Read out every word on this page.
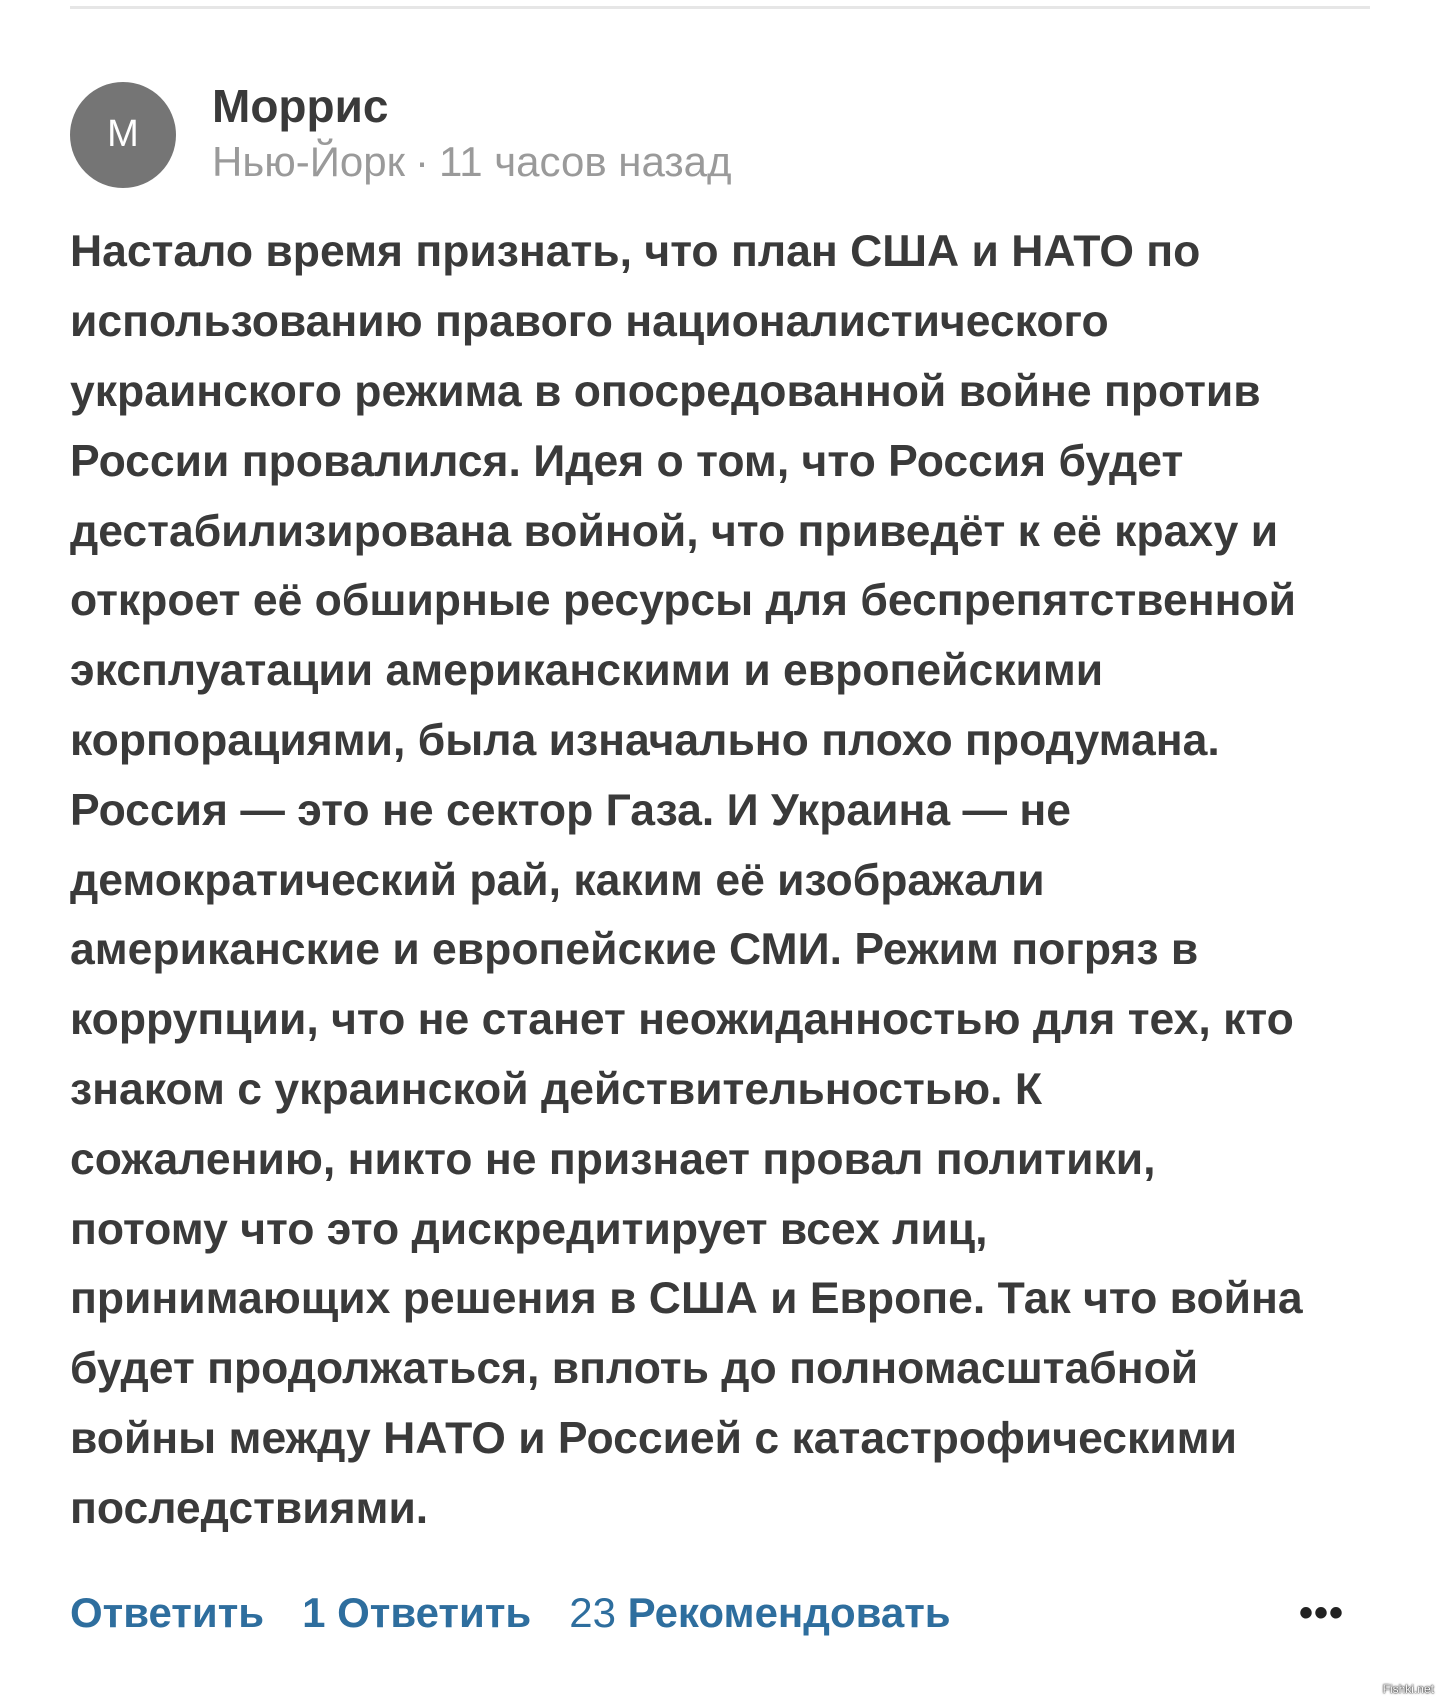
М
Моррис
Нью-Йорк · 11 часов назад
Настало время признать, что план США и НАТО по
использованию правого националистического
украинского режима в опосредованной войне против
России провалился. Идея о том, что Россия будет
дестабилизирована войной, что приведёт к её краху и
откроет её обширные ресурсы для беспрепятственной
эксплуатации американскими и европейскими
корпорациями, была изначально плохо продумана.
Россия — это не сектор Газа. И Украина — не
демократический рай, каким её изображали
американские и европейские СМИ. Режим погряз в
коррупции, что не станет неожиданностью для тех, кто
знаком с украинской действительностью. К
сожалению, никто не признает провал политики,
потому что это дискредитирует всех лиц,
принимающих решения в США и Европе. Так что война
будет продолжаться, вплоть до полномасштабной
войны между НАТО и Россией с катастрофическими
последствиями.
Ответить 1 Ответить 23 Рекомендовать	•••
Fishki.net
